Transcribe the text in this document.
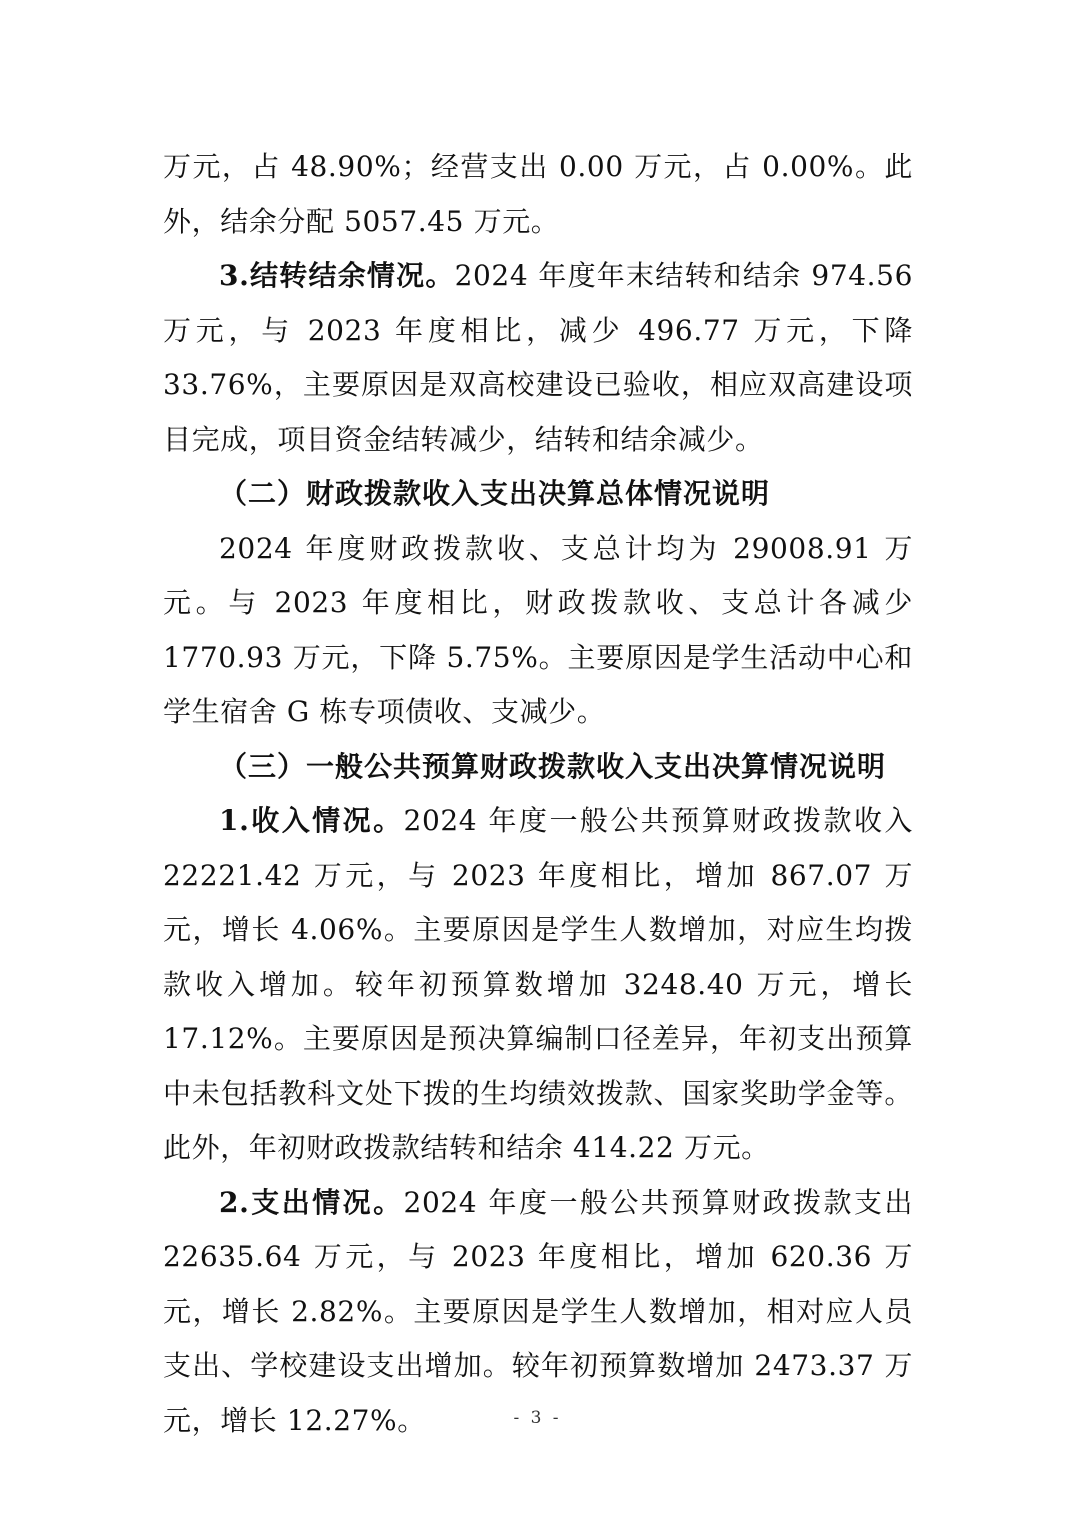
万元，占 48.90%；经营支出 0.00 万元，占 0.00%。此外，结余分配 5057.45 万元。

3.结转结余情况。2024 年度年末结转和结余 974.56 万元，与 2023 年度相比，减少 496.77 万元，下降 33.76%，主要原因是双高校建设已验收，相应双高建设项目完成，项目资金结转减少，结转和结余减少。

（二）财政拨款收入支出决算总体情况说明

2024 年度财政拨款收、支总计均为 29008.91 万元。与 2023 年度相比，财政拨款收、支总计各减少 1770.93 万元，下降 5.75%。主要原因是学生活动中心和学生宿舍 G 栋专项债收、支减少。

（三）一般公共预算财政拨款收入支出决算情况说明

1.收入情况。2024 年度一般公共预算财政拨款收入 22221.42 万元，与 2023 年度相比，增加 867.07 万元，增长 4.06%。主要原因是学生人数增加，对应生均拨款收入增加。较年初预算数增加 3248.40 万元，增长 17.12%。主要原因是预决算编制口径差异，年初支出预算中未包括教科文处下拨的生均绩效拨款、国家奖助学金等。此外，年初财政拨款结转和结余 414.22 万元。

2.支出情况。2024 年度一般公共预算财政拨款支出 22635.64 万元，与 2023 年度相比，增加 620.36 万元，增长 2.82%。主要原因是学生人数增加，相对应人员支出、学校建设支出增加。较年初预算数增加 2473.37 万元，增长 12.27%。	- 3 -
